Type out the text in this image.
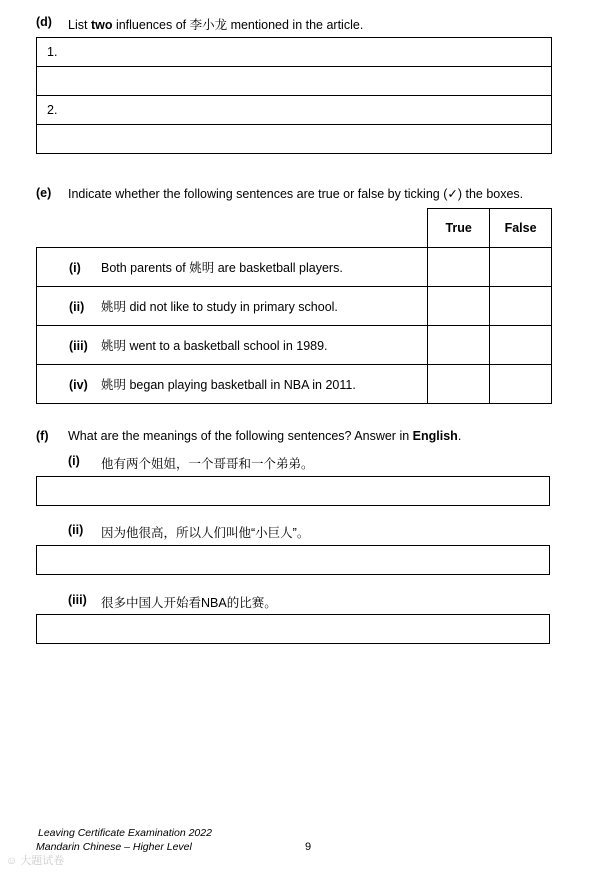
(d) List two influences of 李小龙 mentioned in the article.
1.

2.

(e) Indicate whether the following sentences are true or false by ticking (✓) the boxes.
	True	False
(i) Both parents of 姚明 are basketball players.		
(ii) 姚明 did not like to study in primary school.		
(iii) 姚明 went to a basketball school in 1989.		
(iv) 姚明 began playing basketball in NBA in 2011.		
(f) What are the meanings of the following sentences? Answer in English.
(i) 他有两个姐姐，一个哥哥和一个弟弟。
(ii) 因为他很高，所以人们叫他“小巨人”。
(iii) 很多中国人开始看NBA的比赛。
Leaving Certificate Examination 2022
Mandarin Chinese – Higher Level	9
☺ 大题试卷
